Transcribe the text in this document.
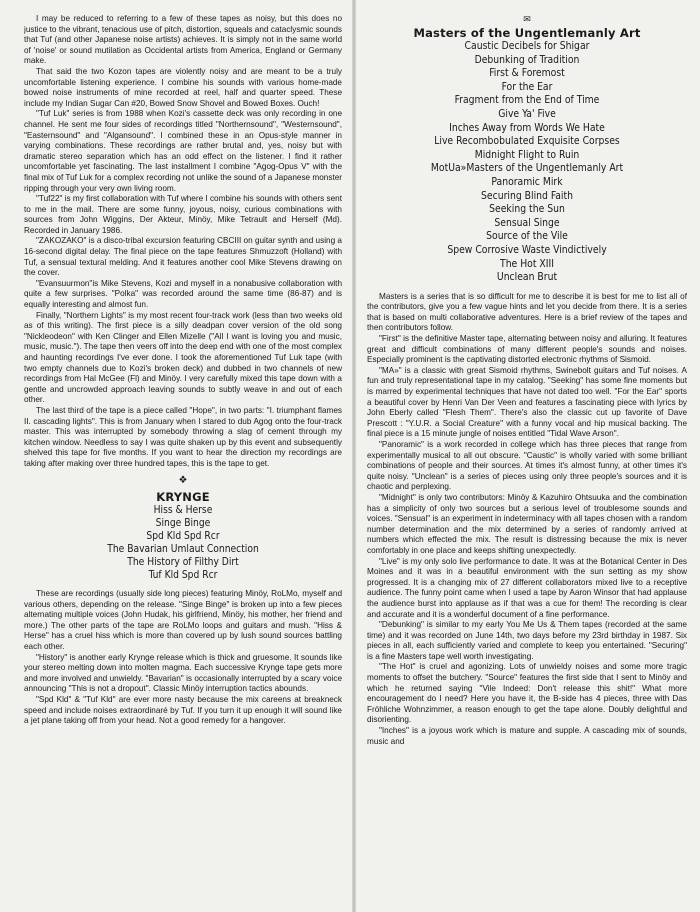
I may be reduced to referring to a few of these tapes as noisy, but this does no justice to the vibrant, tenacious use of pitch, distortion, squeals and cataclysmic sounds that Tuf (and other Japanese noise artists) achieves. It is simply not in the same world of 'noise' or sound mutilation as Occidental artists from America, England or Germany make.

That said the two Kozon tapes are violently noisy and are meant to be a truly uncomfortable listening experience. I combine his sounds with various home-made bowed noise instruments of mine recorded at reel, half and quarter speed. These include my Indian Sugar Can #20, Bowed Snow Shovel and Bowed Boxes. Ouch!

"Tuf Luk" series is from 1988 when Kozi's cassette deck was only recording in one channel. He sent me four sides of recordings titled "Northernsound", "Westernsound", "Easternsound" and "Algansound". I combined these in an Opus-style manner in varying combinations. These recordings are rather brutal and, yes, noisy but with dramatic stereo separation which has an odd effect on the listener. I find it rather uncomfortable yet fascinating. The last installment I combine "Agog-Opus V" with the final mix of Tuf Luk for a complex recording not unlike the sound of a Japanese monster ripping through your very own living room.

"Tuf22" is my first collaboration with Tuf where I combine his sounds with others sent to me in the mail. There are some funny, joyous, noisy, curious combinations with sources from John Wiggins, Der Akteur, Minöy, Mike Tetrault and Herself (Md). Recorded in January 1986.

"ZAKOZAKO" is a disco-tribal excursion featuring CBCIII on guitar synth and using a 16-second digital delay. The final piece on the tape features Shmuzzoft (Holland) with Tuf, a sensual textural melding. And it features another cool Mike Stevens drawing on the cover.

"Evansuurmon"is Mike Stevens, Kozi and myself in a nonabusive collaboration with quite a few surprises. "Polka" was recorded around the same time (86-87) and is equally interesting and almost fun.

Finally, "Northern Lights" is my most recent four-track work (less than two weeks old as of this writing). The first piece is a silly deadpan cover version of the old song "Nickleodeon" with Ken Clinger and Ellen Mizelle ("All I want is loving you and music, music, music."). The tape then veers off into the deep end with one of the most complex and haunting recordings I've ever done. I took the aforementioned Tuf Luk tape (with two empty channels due to Kozi's broken deck) and dubbed in two channels of new recordings from Hal McGee (Fl) and Minöy. I very carefully mixed this tape down with a gentle and uncrowded approach leaving sounds to subtly weave in and out of each other.

The last third of the tape is a piece called "Hope", in two parts: "I. triumphant flames II. cascading lights". This is from January when I stared to dub Agog onto the four-track master. This was interrupted by somebody throwing a slag of cement through my kitchen window. Needless to say I was quite shaken up by this event and subsequently shelved this tape for five months. If you want to hear the direction my recordings are taking after making over three hundred tapes, this is the tape to get.

❖
KRYNGE
Hiss & Herse
Singe Binge
Spd Kld Spd Rcr
The Bavarian Umlaut Connection
The History of Filthy Dirt
Tuf Kld Spd Rcr

These are recordings (usually side long pieces) featuring Minöy, RoLMo, myself and various others, depending on the release. "Singe Binge" is broken up into a few pieces alternating multiple voices (John Hudak, his girlfriend, Minöy, his mother, her friend and more.) The other parts of the tape are RoLMo loops and guitars and mush. "Hiss & Herse" has a cruel hiss which is more than covered up by lush sound sources battling each other.

"History" is another early Krynge release which is thick and gruesome. It sounds like your stereo melting down into molten magma. Each successive Krynge tape gets more and more involved and unwieldy. "Bavarian" is occasionally interrupted by a scary voice announcing "This is not a dropout". Classic Minöy interruption tactics abounds.

"Spd Kld" & "Tuf Kld" are ever more nasty because the mix careens at breakneck speed and include noises extraordinaré by Tuf. If you turn it up enough it will sound like a jet plane taking off from your head. Not a good remedy for a hangover.

✉
Masters of the Ungentlemanly Art
Caustic Decibels for Shigar
Debunking of Tradition
First & Foremost
For the Ear
Fragment from the End of Time
Give Ya' Five
Inches Away from Words We Hate
Live Recombobulated Exquisite Corpses
Midnight Flight to Ruin
MotUa»Masters of the Ungentlemanly Art
Panoramic Mirk
Securing Blind Faith
Seeking the Sun
Sensual Singe
Source of the Vile
Spew Corrosive Waste Vindictively
The Hot XIII
Unclean Brut

Masters is a series that is so difficult for me to describe it is best for me to list all of the contributors, give you a few vague hints and let you decide from there. It is a series that is based on multi collaborative adventures. Here is a brief review of the tapes and then contributors follow.

"First" is the definitive Master tape, alternating between noisy and alluring. It features great and difficult combinations of many different people's sounds and noises. Especially prominent is the captivating distorted electronic rhythms of Sismoid.

"MA»" is a classic with great Sismoid rhythms, Swinebolt guitars and Tuf noises. A fun and truly representational tape in my catalog. "Seeking" has some fine moments but is marred by experimental techniques that have not dated too well. "For the Ear" sports a beautiful cover by Henri Van Der Veen and features a fascinating piece with lyrics by John Eberly called "Flesh Them". There's also the classic cut up favorite of Dave Prescott : "Y.U.R. a Social Creature" with a funny vocal and hip musical backing. The final piece is a 15 minute jungle of noises entitled "Tidal Wave Arson".

"Panoramic" is a work recorded in college which has three pieces that range from experimentally musical to all out obscure. "Caustic" is wholly varied with some brilliant combinations of people and their sources. At times it's almost funny, at other times it's quite noisy. "Unclean" is a series of pieces using only three people's sources and it is chaotic and perplexing.

"Midnight" is only two contributors: Minöy & Kazuhiro Ohtsuuka and the combination has a simplicity of only two sources but a serious level of troublesome sounds and voices. "Sensual" is an experiment in indeterminacy with all tapes chosen with a random number determination and the mix determined by a series of randomly arrived at numbers which effected the mix. The result is distressing because the mix is never comfortably in one place and keeps shifting unexpectedly.

"Live" is my only solo live performance to date. It was at the Botanical Center in Des Moines and it was in a beautiful environment with the sun setting as my show progressed. It is a changing mix of 27 different collaborators mixed live to a receptive audience. The funny point came when I used a tape by Aaron Winsor that had applause the audience burst into applause as if that was a cue for them! The recording is clear and accurate and it is a wonderful document of a fine performance.

"Debunking" is similar to my early You Me Us & Them tapes (recorded at the same time) and it was recorded on June 14th, two days before my 23rd birthday in 1987. Six pieces in all, each sufficiently varied and complete to keep you entertained. "Securing" is a fine Masters tape well worth investigating.

"The Hot" is cruel and agonizing. Lots of unwieldy noises and some more tragic moments to offset the butchery. "Source" features the first side that I sent to Minöy and which he returned saying "Vile Indeed: Don't release this shit!" What more encouragement do I need? Here you have it, the B-side has 4 pieces, three with Das Fröhliche Wohnzimmer, a reason enough to get the tape alone. Doubly delightful and disorienting.

"Inches" is a joyous work which is mature and supple. A cascading mix of sounds, music and
